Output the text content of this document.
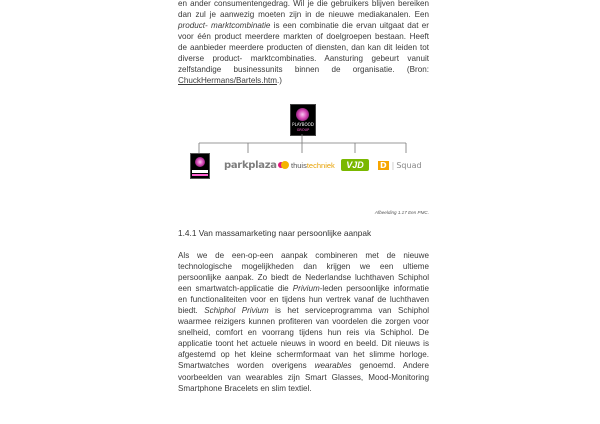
en ander consumentengedrag. Wil je die gebruikers blijven bereiken dan zul je aanwezig moeten zijn in de nieuwe mediakanalen. Een product- marktcombinatie is een combinatie die ervan uitgaat dat er voor één product meerdere markten of doelgroepen bestaan. Heeft de aanbieder meerdere producten of diensten, dan kan dit leiden tot diverse product- marktcombinaties. Aansturing gebeurt vanuit zelfstandige businessunits binnen de organisatie. (Bron: ChuckHermans/Bartels.htm.)

PLAYBOOD
GROUP
parkplaza thuis techniek VJD D | Squad
Afbeelding 1.17 Een PMC.
1.4.1 Van massamarketing naar persoonlijke aanpak

Als we de een-op-een aanpak combineren met de nieuwe technologische mogelijkheden dan krijgen we een ultieme persoonlijke aanpak. Zo biedt de Nederlandse luchthaven Schiphol een smartwatch-applicatie die Privium-leden persoonlijke informatie en functionaliteiten voor en tijdens hun vertrek vanaf de luchthaven biedt. Schiphol Privium is het serviceprogramma van Schiphol waarmee reizigers kunnen profiteren van voordelen die zorgen voor snelheid, comfort en voorrang tijdens hun reis via Schiphol. De applicatie toont het actuele nieuws in woord en beeld. Dit nieuws is afgestemd op het kleine schermformaat van het slimme horloge. Smartwatches worden overigens wearables genoemd. Andere voorbeelden van wearables zijn Smart Glasses, Mood-Monitoring Smartphone Bracelets en slim textiel.
